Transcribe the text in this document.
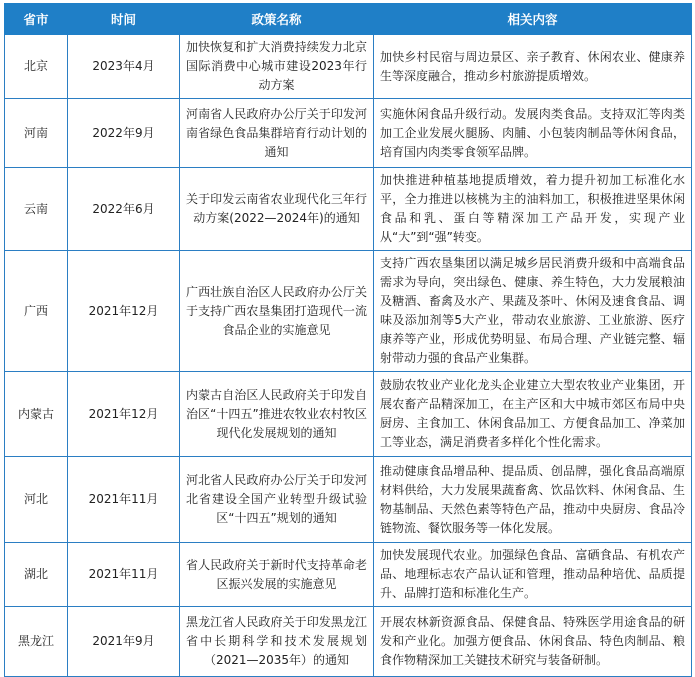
省市	时间	政策名称	相关内容
北京	2023年4月	加快恢复和扩大消费持续发力北京国际消费中心城市建设2023年行动方案	加快乡村民宿与周边景区、亲子教育、休闲农业、健康养生等深度融合，推动乡村旅游提质增效。
河南	2022年9月	河南省人民政府办公厅关于印发河南省绿色食品集群培育行动计划的通知	实施休闲食品升级行动。发展肉类食品。支持双汇等肉类加工企业发展火腿肠、肉脯、小包装肉制品等休闲食品，培育国内肉类零食领军品牌。
云南	2022年6月	关于印发云南省农业现代化三年行动方案(2022—2024年)的通知	加快推进种植基地提质增效，着力提升初加工标准化水平，全力推进以核桃为主的油料加工，积极推进坚果休闲食品和乳、蛋白等精深加工产品开发，实现产业从“大”到“强”转变。
广西	2021年12月	广西壮族自治区人民政府办公厅关于支持广西农垦集团打造现代一流食品企业的实施意见	支持广西农垦集团以满足城乡居民消费升级和中高端食品需求为导向，突出绿色、健康、养生特色，大力发展粮油及糖酒、畜禽及水产、果蔬及茶叶、休闲及速食食品、调味及添加剂等5大产业，带动农业旅游、工业旅游、医疗康养等产业，形成优势明显、布局合理、产业链完整、辐射带动力强的食品产业集群。
内蒙古	2021年12月	内蒙古自治区人民政府关于印发自治区“十四五”推进农牧业农村牧区现代化发展规划的通知	鼓励农牧业产业化龙头企业建立大型农牧业产业集团，开展农畜产品精深加工，在主产区和大中城市郊区布局中央厨房、主食加工、休闲食品加工、方便食品加工、净菜加工等业态，满足消费者多样化个性化需求。
河北	2021年11月	河北省人民政府办公厅关于印发河北省建设全国产业转型升级试验区“十四五”规划的通知	推动健康食品增品种、提品质、创品牌，强化食品高端原材料供给，大力发展果蔬畜禽、饮品饮料、休闲食品、生物基制品、天然色素等特色产品，推动中央厨房、食品冷链物流、餐饮服务等一体化发展。
湖北	2021年11月	省人民政府关于新时代支持革命老区振兴发展的实施意见	加快发展现代农业。加强绿色食品、富硒食品、有机农产品、地理标志农产品认证和管理，推动品种培优、品质提升、品牌打造和标准化生产。
黑龙江	2021年9月	黑龙江省人民政府关于印发黑龙江省中长期科学和技术发展规划（2021—2035年）的通知	开展农林新资源食品、保健食品、特殊医学用途食品的研发和产业化。加强方便食品、休闲食品、特色肉制品、粮食作物精深加工关键技术研究与装备研制。
